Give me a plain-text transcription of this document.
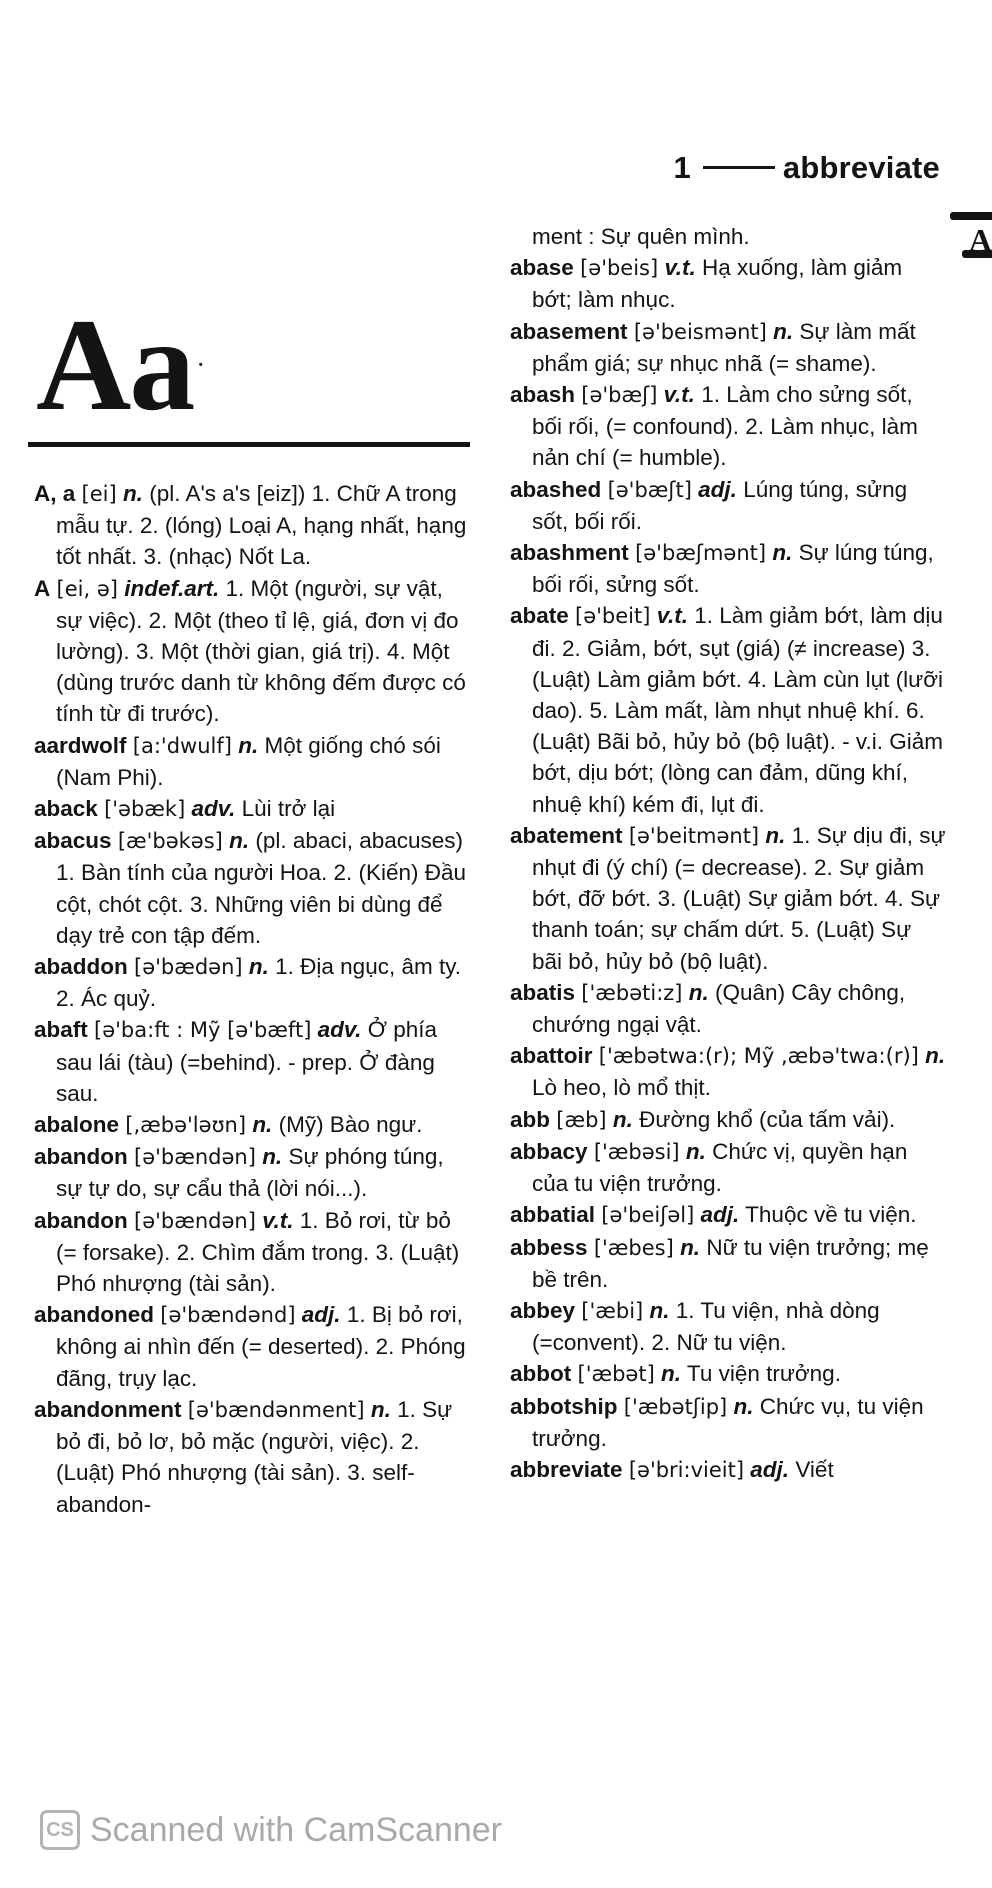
1	abbreviate
A
Aa ·
A, a [ei] n. (pl. A's a's [eiz]) 1. Chữ A trong mẫu tự. 2. (lóng) Loại A, hạng nhất, hạng tốt nhất. 3. (nhạc) Nốt La.
A [ei, ə] indef.art. 1. Một (người, sự vật, sự việc). 2. Một (theo tỉ lệ, giá, đơn vị đo lường). 3. Một (thời gian, giá trị). 4. Một (dùng trước danh từ không đếm được có tính từ đi trước).
aardwolf [a:'dwulf] n. Một giống chó sói (Nam Phi).
aback ['əbæk] adv. Lùi trở lại
abacus [æ'bəkəs] n. (pl. abaci, abacuses) 1. Bàn tính của người Hoa. 2. (Kiến) Đầu cột, chót cột. 3. Những viên bi dùng để dạy trẻ con tập đếm.
abaddon [ə'bædən] n. 1. Địa ngục, âm ty. 2. Ác quỷ.
abaft [ə'ba:ft : Mỹ [ə'bæft] adv. Ở phía sau lái (tàu) (=behind). - prep. Ở đàng sau.
abalone [,æbə'ləʊn] n. (Mỹ) Bào ngư.
abandon [ə'bændən] n. Sự phóng túng, sự tự do, sự cẩu thả (lời nói...).
abandon [ə'bændən] v.t. 1. Bỏ rơi, từ bỏ (= forsake). 2. Chìm đắm trong. 3. (Luật) Phó nhượng (tài sản).
abandoned [ə'bændənd] adj. 1. Bị bỏ rơi, không ai nhìn đến (= deserted). 2. Phóng đãng, trụy lạc.
abandonment [ə'bændənment] n. 1. Sự bỏ đi, bỏ lơ, bỏ mặc (người, việc). 2. (Luật) Phó nhượng (tài sản). 3. self-abandon-
ment : Sự quên mình.
abase [ə'beis] v.t. Hạ xuống, làm giảm bớt; làm nhục.
abasement [ə'beismənt] n. Sự làm mất phẩm giá; sự nhục nhã (= shame).
abash [ə'bæʃ] v.t. 1. Làm cho sửng sốt, bối rối, (= confound). 2. Làm nhục, làm nản chí (= humble).
abashed [ə'bæʃt] adj. Lúng túng, sửng sốt, bối rối.
abashment [ə'bæʃmənt] n. Sự lúng túng, bối rối, sửng sốt.
abate [ə'beit] v.t. 1. Làm giảm bớt, làm dịu đi. 2. Giảm, bớt, sụt (giá) (≠ increase) 3. (Luật) Làm giảm bớt. 4. Làm cùn lụt (lưỡi dao). 5. Làm mất, làm nhụt nhuệ khí. 6. (Luật) Bãi bỏ, hủy bỏ (bộ luật). - v.i. Giảm bớt, dịu bớt; (lòng can đảm, dũng khí, nhuệ khí) kém đi, lụt đi.
abatement [ə'beitmənt] n. 1. Sự dịu đi, sự nhụt đi (ý chí) (= decrease). 2. Sự giảm bớt, đỡ bớt. 3. (Luật) Sự giảm bớt. 4. Sự thanh toán; sự chấm dứt. 5. (Luật) Sự bãi bỏ, hủy bỏ (bộ luật).
abatis ['æbəti:z] n. (Quân) Cây chông, chướng ngại vật.
abattoir ['æbətwa:(r); Mỹ ,æbə'twa:(r)] n. Lò heo, lò mổ thịt.
abb [æb] n. Đường khổ (của tấm vải).
abbacy ['æbəsi] n. Chức vị, quyền hạn của tu viện trưởng.
abbatial [ə'beiʃəl] adj. Thuộc về tu viện.
abbess ['æbes] n. Nữ tu viện trưởng; mẹ bề trên.
abbey ['æbi] n. 1. Tu viện, nhà dòng (=convent). 2. Nữ tu viện.
abbot ['æbət] n. Tu viện trưởng.
abbotship ['æbətʃip] n. Chức vụ, tu viện trưởng.
abbreviate [ə'bri:vieit] adj. Viết
CS Scanned with CamScanner
